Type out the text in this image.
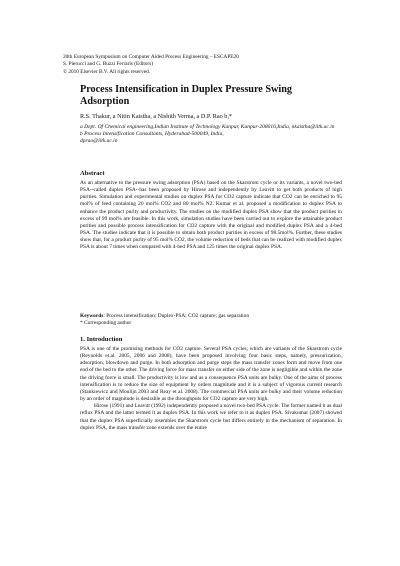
20th European Symposium on Computer Aided Process Engineering – ESCAPE20
S. Pierucci and G. Buzzi Ferraris (Editors)
© 2010 Elsevier B.V. All rights reserved.
Process Intensification in Duplex Pressure Swing Adsorption
R.S. Thakur, a Nitin Kaistha, a Nishith Verma, a D.P. Rao b,*
a Dept. Of Chemical engineering,Indian Institute of Technology Kanpur, Kanpur-208016,India, nkaistha@iitk.ac.in
b Process Intensification Consultants, Hyderabad-500049, India,
dprao@iitk.ac.in
Abstract
As an alternative to the pressure swing adsorption (PSA) based on the Skarstrom cycle or its variants, a novel two-bed PSA--called duplex PSA--has been proposed by Hirose and independently by Leavitt to get both products of high purities. Simulation and experimental studies on duplex PSA for CO2 capture indicate that CO2 can be enriched to 95 mol% of feed containing 20 mol% CO2 and 80 mol% N2. Kumar et al. proposed a modification to duplex PSA to enhance the product purity and productivity. The studies on the modified duplex PSA show that the product purities in excess of 99 mol% are feasible. In this work, simulation studies have been carried out to explore the attainable product purities and possible process intensification for CO2 capture with the original and modified duplex PSA and a 4-bed PSA. The studies indicate that it is possible to obtain both product purities in excess of 98.5mol%. Further, these studies show that, for a product purity of 95 mol% CO2, the volume reduction of beds that can be realized with modified duplex PSA is about 7 times when compared with 4-bed PSA and 125 times the original duplex PSA.
Keywords: Process intensification; Duplex-PSA; CO2 capture; gas separation
* Corresponding author
1. Introduction

PSA is one of the promising methods for CO2 capture. Several PSA cycles, which are variants of the Skarstrom cycle (Reynolds et.al. 2005, 2006 and 2008), have been proposed involving four basic steps, namely, pressurization, adsorption, blowdown and purge. In both adsorption and purge steps the mass transfer zones form and move from one end of the bed to the other. The driving force for mass transfer on either side of the zone is negligible and within the zone the driving force is small. The productivity is low and as a consequence PSA units are bulky. One of the aims of process intensification is to reduce the size of equipment by orders magnitude and it is a subject of vigorous current research (Stankiewicz and Moulijn 2003 and Reay et al. 2008). The commercial PSA units are bulky and their volume reduction by an order of magnitude is desirable as the throughputs for CO2 capture are very high.

Hirose (1991) and Leavitt (1992) independently proposed a novel two-bed PSA cycle. The former named it as dual reflux PSA and the latter termed it as duplex PSA. In this work we refer to it as duplex PSA. Sivakumar (2007) showed that the duplex PSA superficially resembles the Skarstrom cycle but differs entirely in the mechanism of separation. In duplex PSA, the mass transfer zone extends over the entire
